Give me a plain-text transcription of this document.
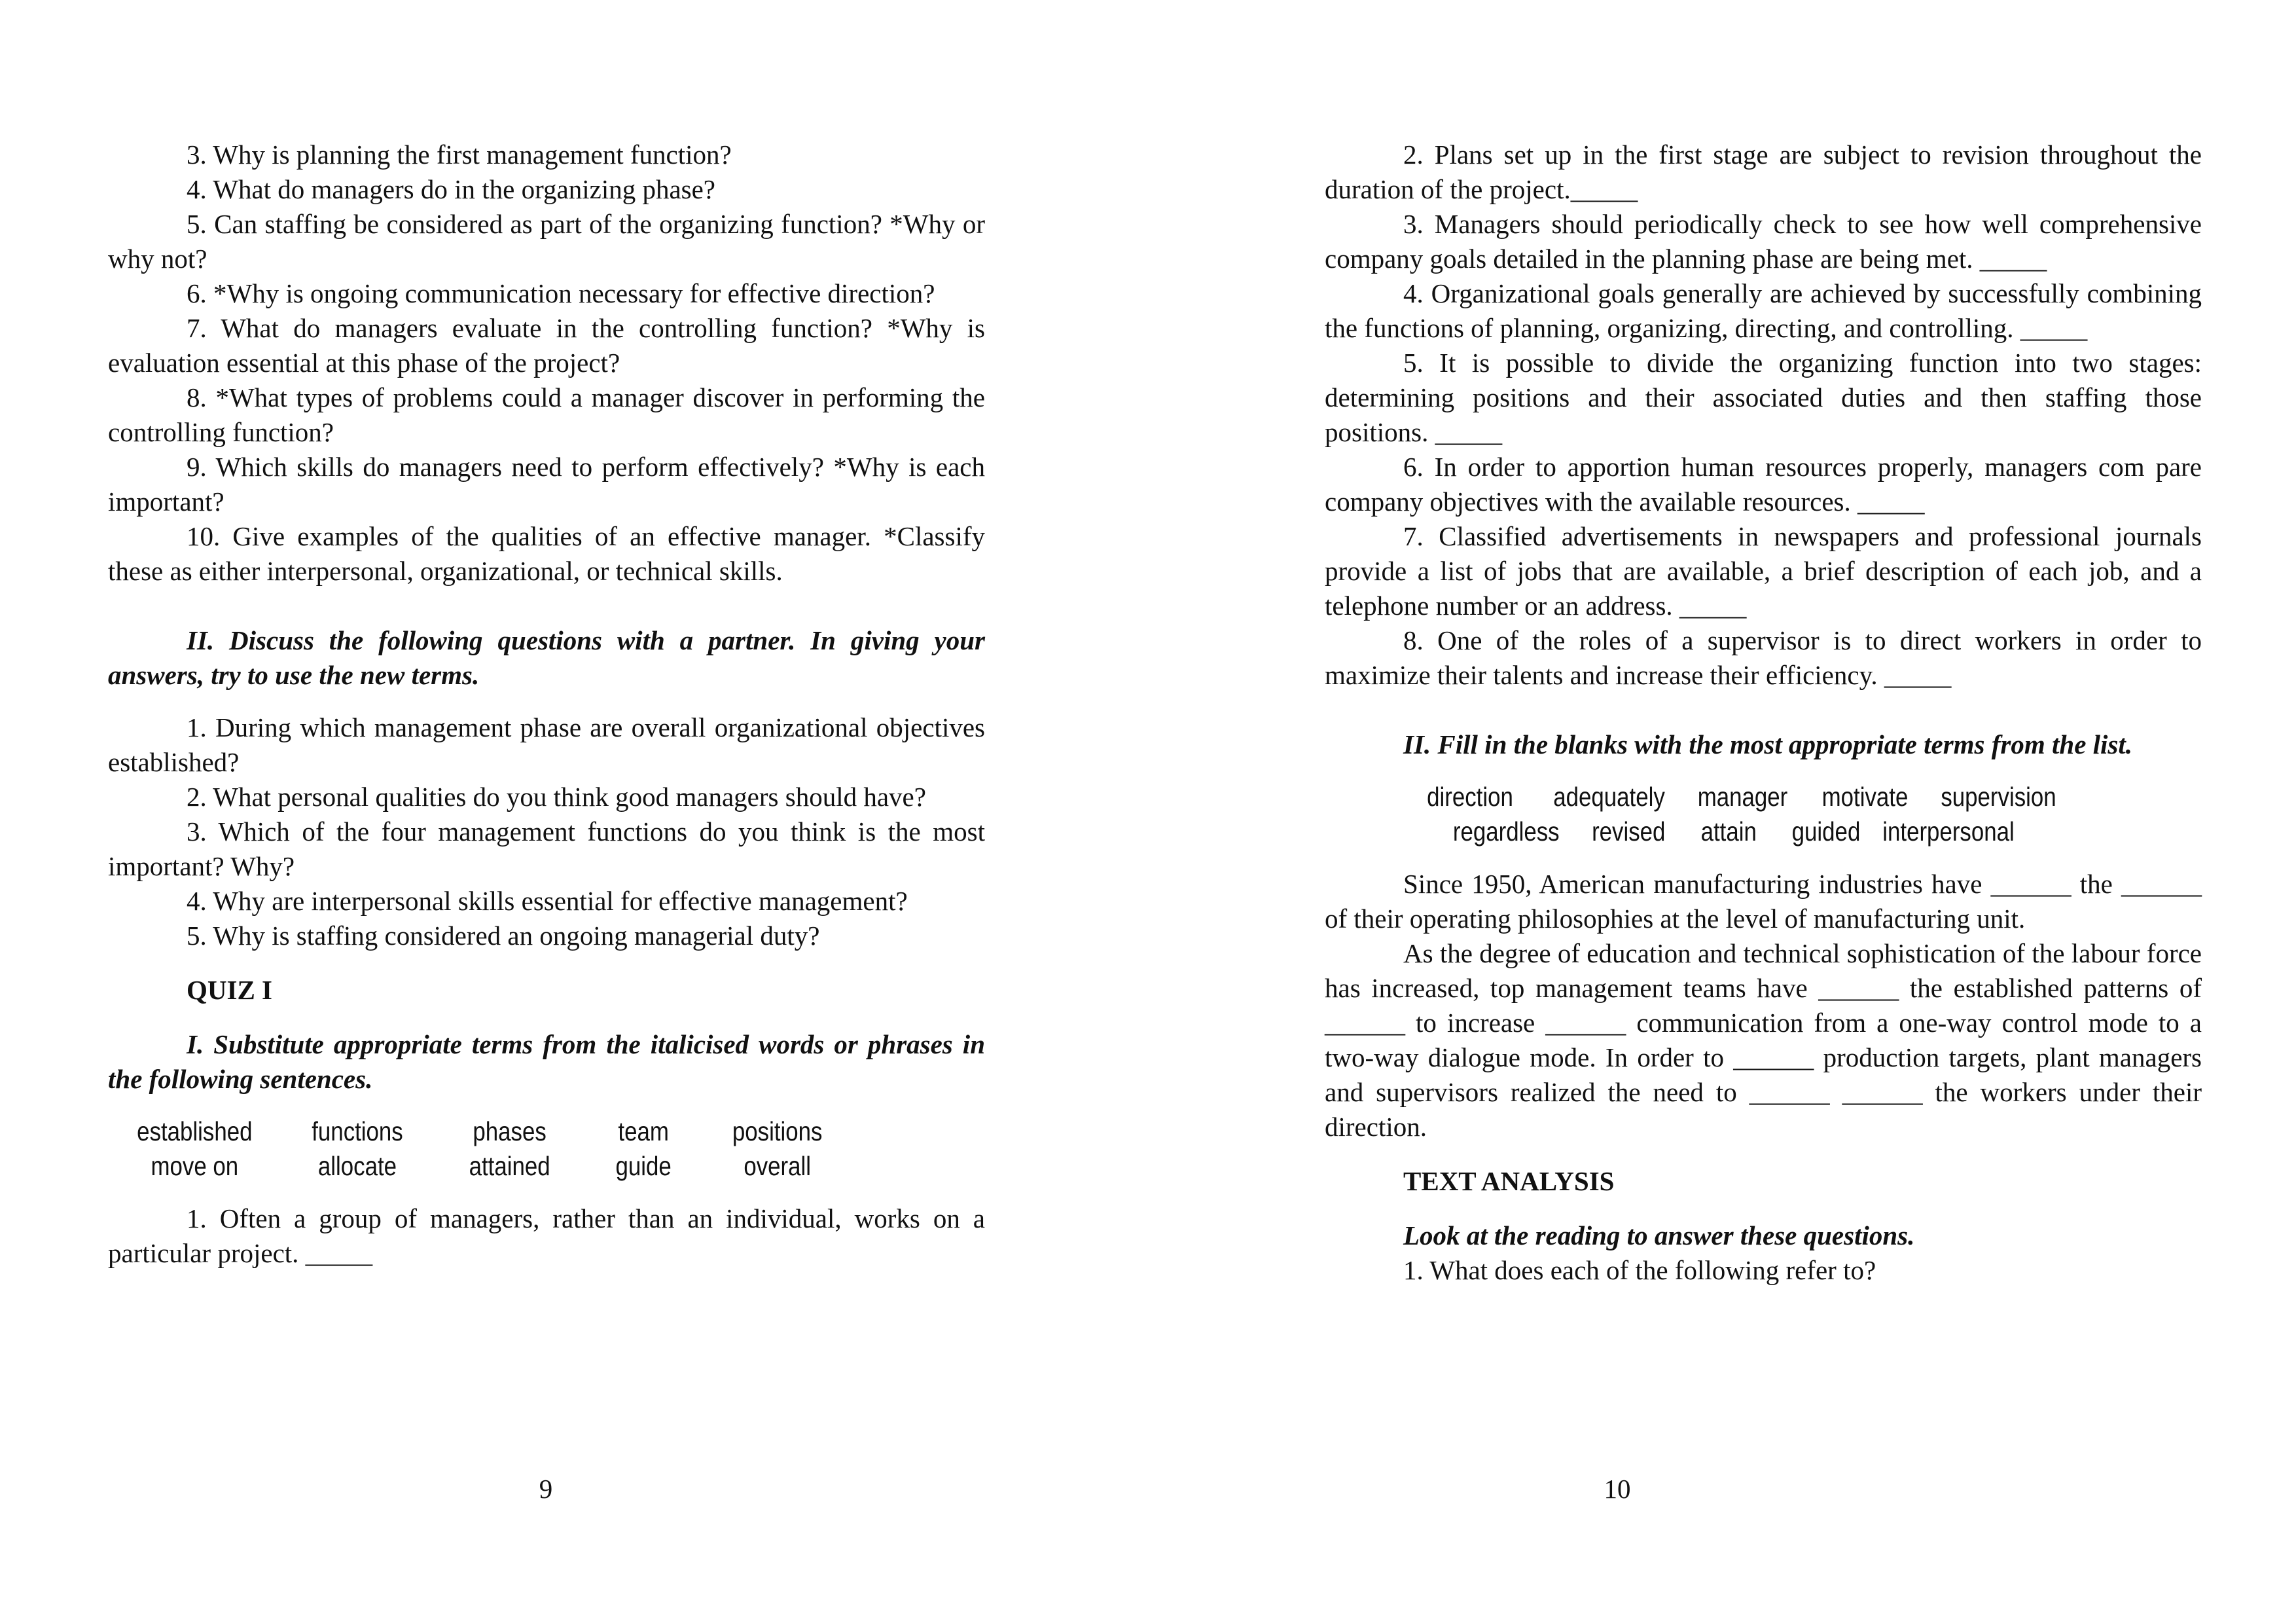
3. Why is planning the first management function?

4. What do managers do in the organizing phase?

5. Can staffing be considered as part of the organizing function? *Why or why not?

6. *Why is ongoing communication necessary for effective direction?

7. What do managers evaluate in the controlling function? *Why is evaluation essential at this phase of the project?

8. *What types of problems could a manager discover in performing the controlling function?

9. Which skills do managers need to perform effectively? *Why is each important?

10. Give examples of the qualities of an effective manager. *Classify these as either interpersonal, organizational, or technical skills.

II. Discuss the following questions with a partner. In giving your answers, try to use the new terms.

1. During which management phase are overall organizational objectives established?

2. What personal qualities do you think good managers should have?

3. Which of the four management functions do you think is the most important? Why?

4. Why are interpersonal skills essential for effective management?

5. Why is staffing considered an ongoing managerial duty?

QUIZ I

I. Substitute appropriate terms from the italicised words or phrases in the following sentences.

established	functions	phases	team	positions
move on	allocate	attained	guide	overall

1. Often a group of managers, rather than an individual, works on a particular project. _____

9

2. Plans set up in the first stage are subject to revision throughout the duration of the project._____

3. Managers should periodically check to see how well comprehensive company goals detailed in the planning phase are being met. _____

4. Organizational goals generally are achieved by successfully combining the functions of planning, organizing, directing, and controlling. _____

5. It is possible to divide the organizing function into two stages: determining positions and their associated duties and then staffing those positions. _____

6. In order to apportion human resources properly, managers com pare company objectives with the available resources. _____

7. Classified advertisements in newspapers and professional journals provide a list of jobs that are available, a brief description of each job, and a telephone number or an address. _____

8. One of the roles of a supervisor is to direct workers in order to maximize their talents and increase their efficiency. _____

II. Fill in the blanks with the most appropriate terms from the list.

direction	adequately	manager	motivate	supervision
regardless	revised	attain	guided interpersonal

Since 1950, American manufacturing industries have ______ the ______ of their operating philosophies at the level of manufacturing unit.

As the degree of education and technical sophistication of the labour force has increased, top management teams have ______ the established patterns of ______ to increase ______ communication from a one-way control mode to a two-way dialogue mode. In order to ______ production targets, plant managers and supervisors realized the need to ______ ______ the workers under their direction.

TEXT ANALYSIS

Look at the reading to answer these questions.

1. What does each of the following refer to?

10
